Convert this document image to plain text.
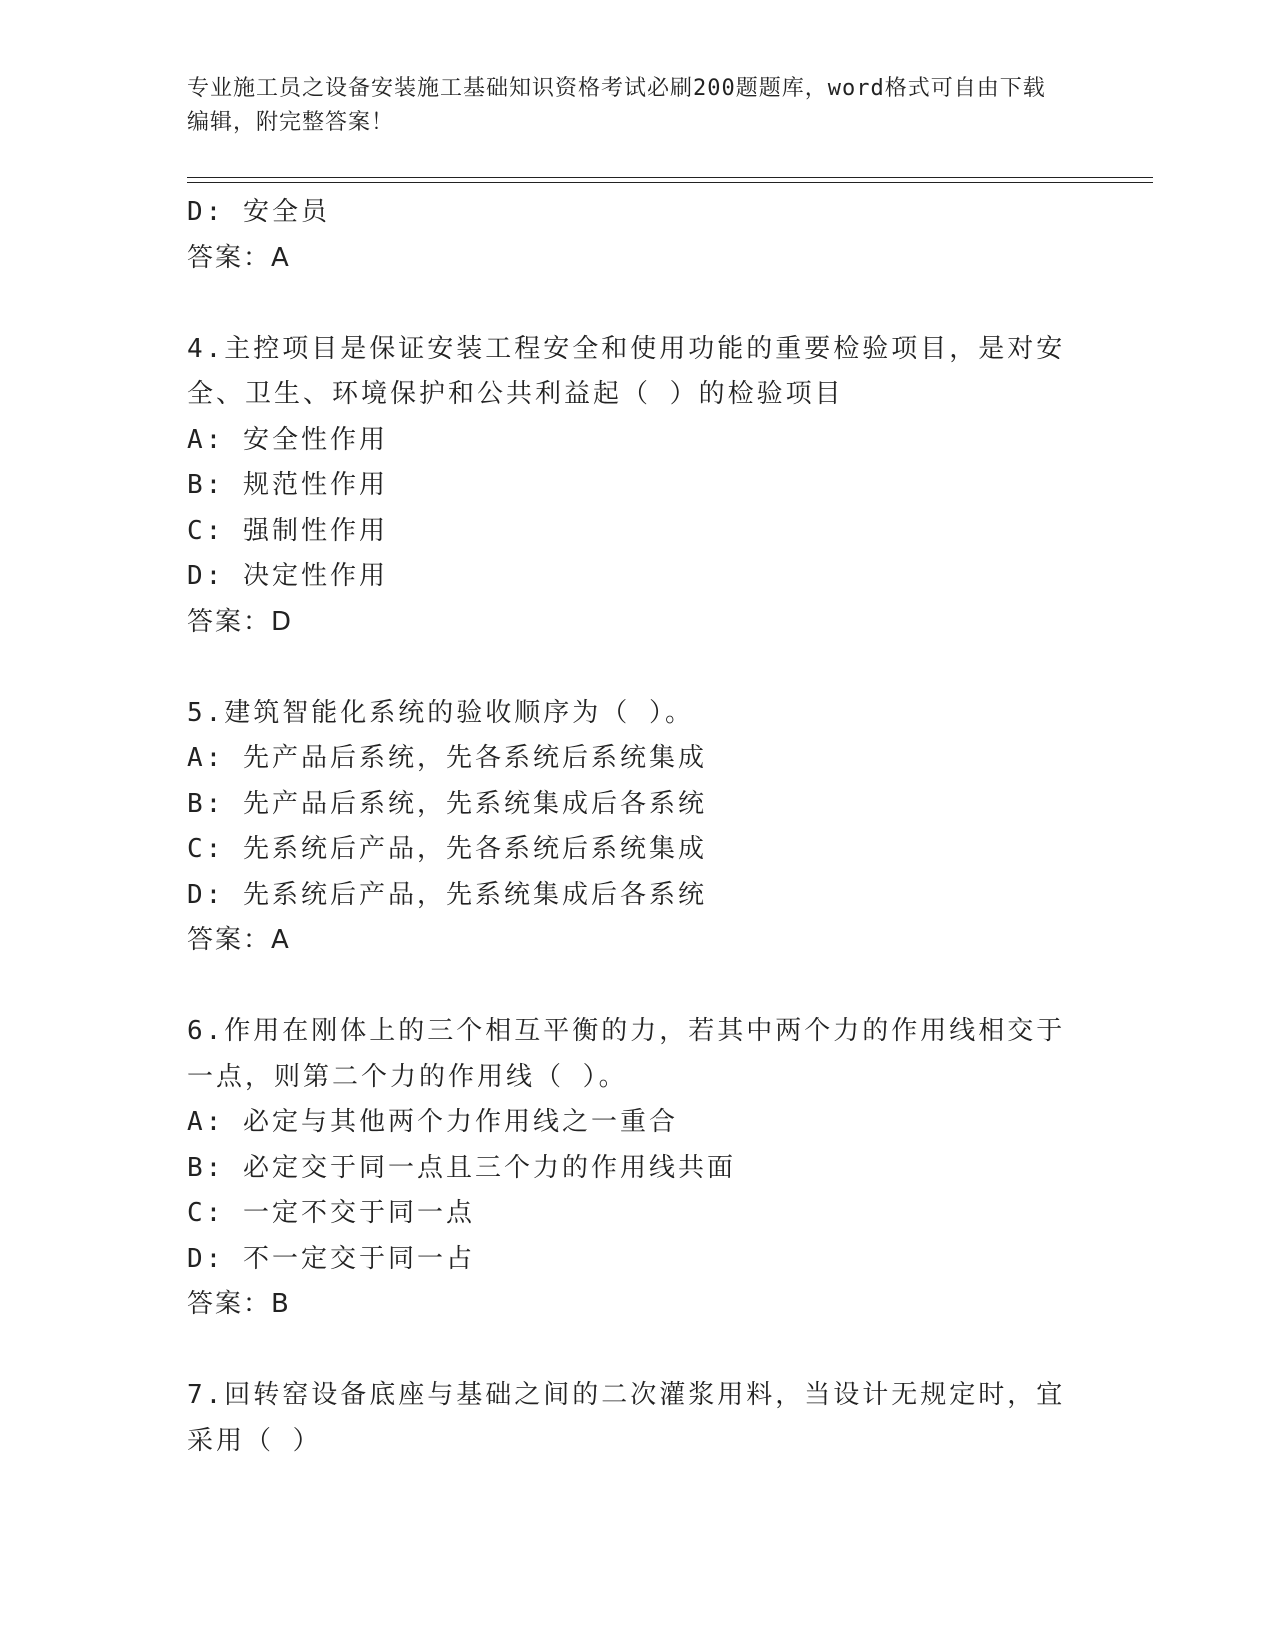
专业施工员之设备安装施工基础知识资格考试必刷200题题库，word格式可自由下载编辑，附完整答案！
D: 安全员
答案：A
4.主控项目是保证安装工程安全和使用功能的重要检验项目，是对安全、卫生、环境保护和公共利益起（ ）的检验项目
A: 安全性作用
B: 规范性作用
C: 强制性作用
D: 决定性作用
答案：D
5.建筑智能化系统的验收顺序为（ ）。
A: 先产品后系统，先各系统后系统集成
B: 先产品后系统，先系统集成后各系统
C: 先系统后产品，先各系统后系统集成
D: 先系统后产品，先系统集成后各系统
答案：A
6.作用在刚体上的三个相互平衡的力，若其中两个力的作用线相交于一点，则第二个力的作用线（ ）。
A: 必定与其他两个力作用线之一重合
B: 必定交于同一点且三个力的作用线共面
C: 一定不交于同一点
D: 不一定交于同一占
答案：B
7.回转窑设备底座与基础之间的二次灌浆用料，当设计无规定时，宜采用（ ）
